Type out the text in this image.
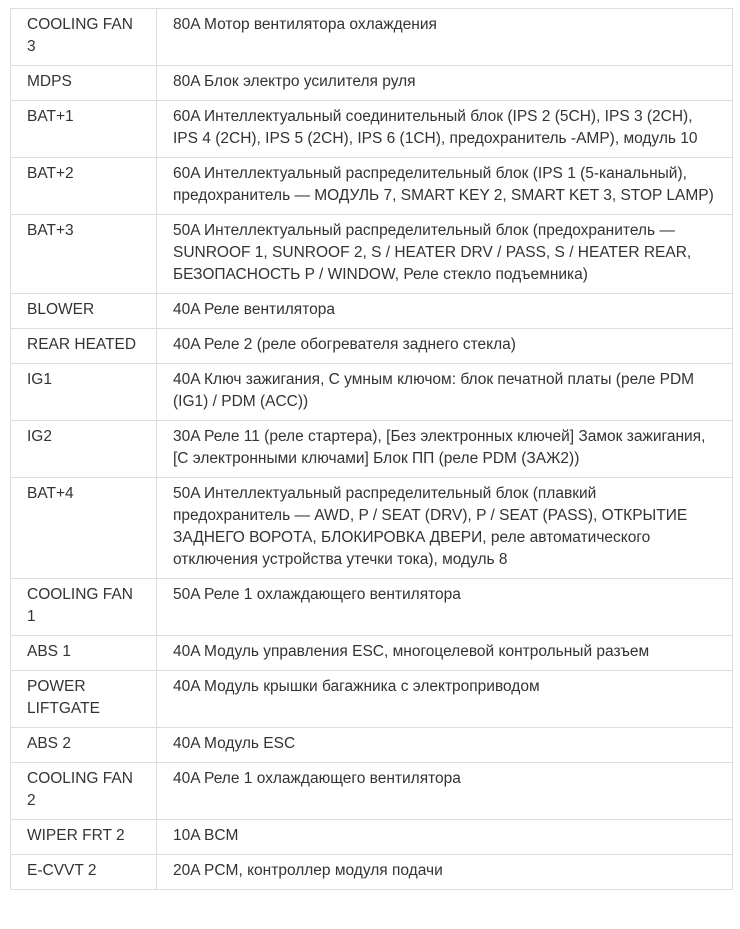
COOLING FAN 3	80A Мотор вентилятора охлаждения

MDPS	80A Блок электро усилителя руля

BAT+1	60A Интеллектуальный соединительный блок (IPS 2 (5CH), IPS 3 (2CH), IPS 4 (2CH), IPS 5 (2CH), IPS 6 (1CH), предохранитель -AMP), модуль 10

BAT+2	60A Интеллектуальный распределительный блок (IPS 1 (5-канальный), предохранитель — МОДУЛЬ 7, SMART KEY 2, SMART KET 3, STOP LAMP)

BAT+3	50A Интеллектуальный распределительный блок (предохранитель — SUNROOF 1, SUNROOF 2, S / HEATER DRV / PASS, S / HEATER REAR, БЕЗОПАСНОСТЬ P / WINDOW, Реле стекло подъемника)

BLOWER	40A Реле вентилятора

REAR HEATED	40A Реле 2 (реле обогревателя заднего стекла)

IG1	40A Ключ зажигания, С умным ключом: блок печатной платы (реле PDM (IG1) / PDM (ACC))

IG2	30A Реле 11 (реле стартера), [Без электронных ключей] Замок зажигания,
[С электронными ключами] Блок ПП (реле PDM (ЗАЖ2))

BAT+4	50A Интеллектуальный распределительный блок (плавкий предохранитель — AWD, P / SEAT (DRV), P / SEAT (PASS), ОТКРЫТИЕ ЗАДНЕГО ВОРОТА, БЛОКИРОВКА ДВЕРИ, реле автоматического отключения устройства утечки тока), модуль 8

COOLING FAN 1	50A Реле 1 охлаждающего вентилятора

ABS 1	40A Модуль управления ESC, многоцелевой контрольный разъем

POWER LIFTGATE	40A Модуль крышки багажника с электроприводом

ABS 2	40A Модуль ESC

COOLING FAN 2	40A Реле 1 охлаждающего вентилятора

WIPER FRT 2	10A BCM

E-CVVT 2	20A PCM, контроллер модуля подачи
